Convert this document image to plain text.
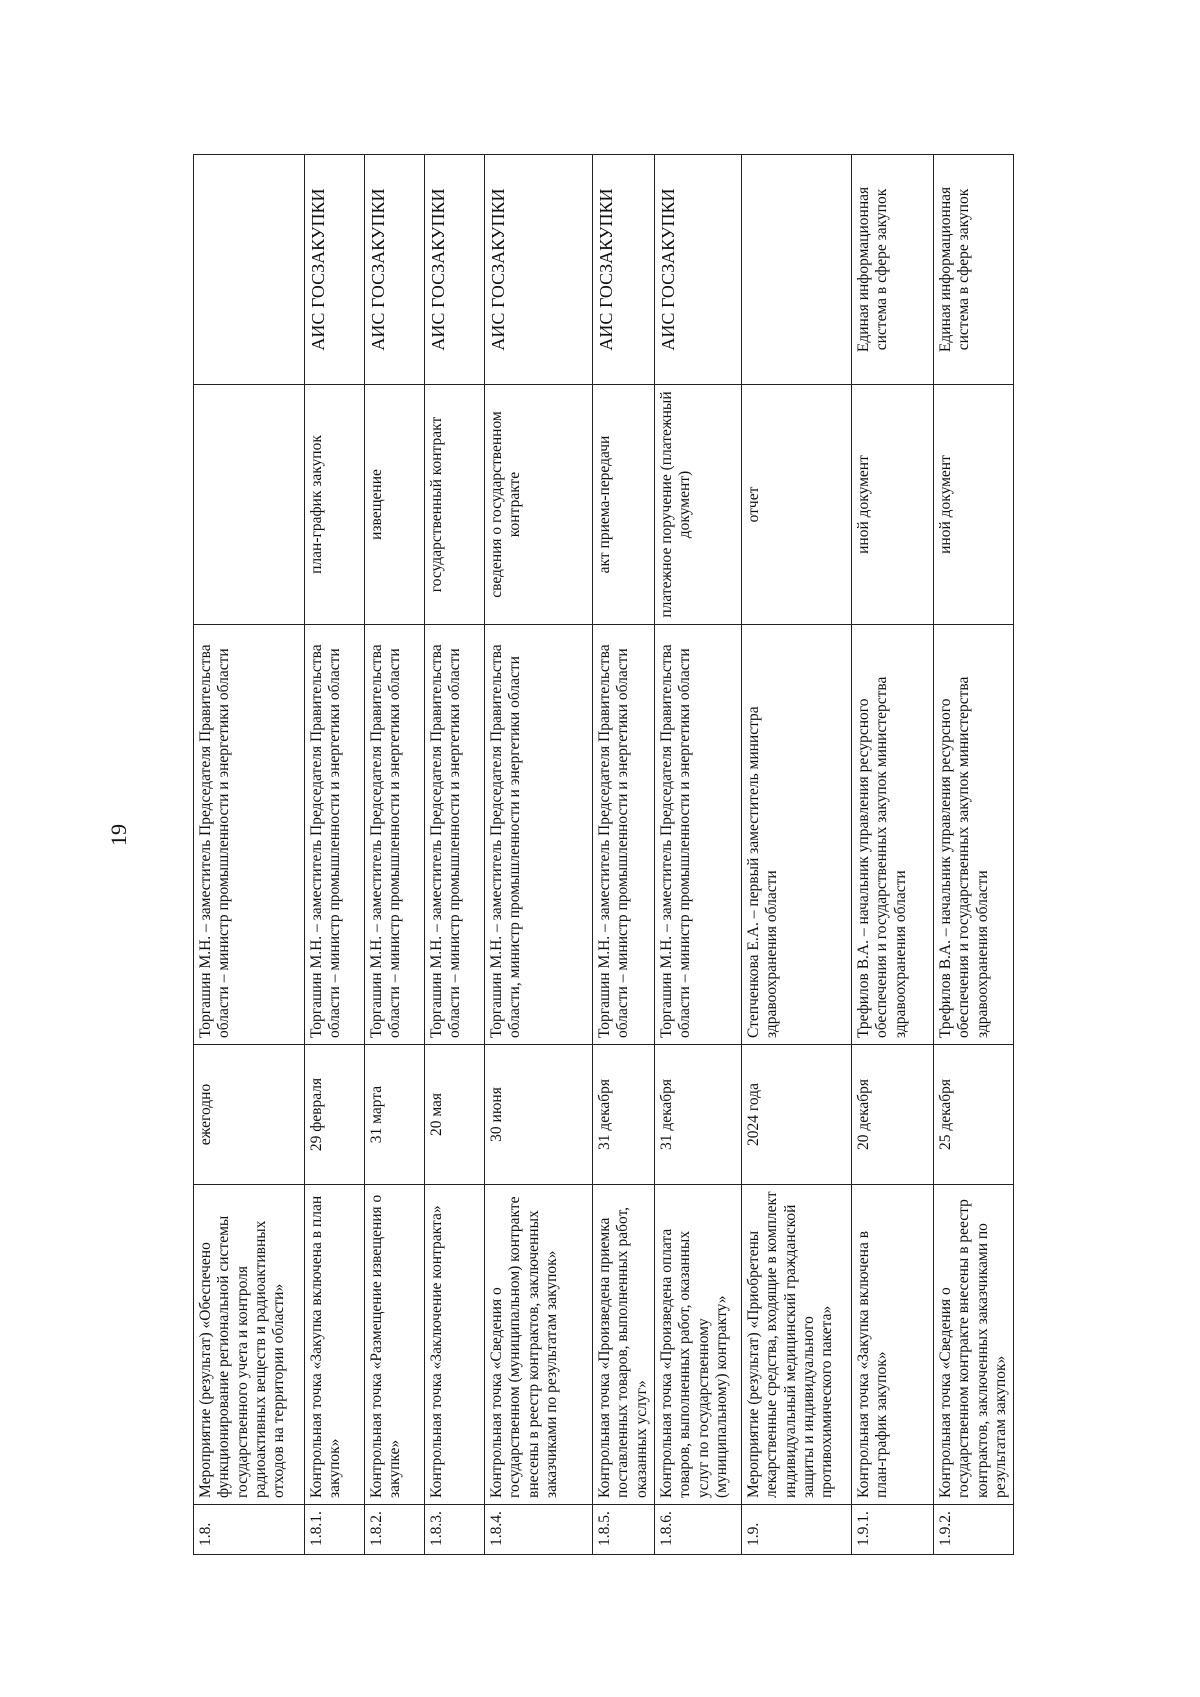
19
1.8.	Мероприятие (результат) «Обеспечено функционирование региональной системы государственного учета и контроля радиоактивных веществ и радиоактивных отходов на территории области»	ежегодно	Торгашин М.Н. – заместитель Председателя Правительства области – министр промышленности и энергетики области		
1.8.1.	Контрольная точка «Закупка включена в план закупок»	29 февраля	Торгашин М.Н. – заместитель Председателя Правительства области – министр промышленности и энергетики области	план-график закупок	АИС ГОСЗАКУПКИ
1.8.2.	Контрольная точка «Размещение извещения о закупке»	31 марта	Торгашин М.Н. – заместитель Председателя Правительства области – министр промышленности и энергетики области	извещение	АИС ГОСЗАКУПКИ
1.8.3.	Контрольная точка «Заключение контракта»	20 мая	Торгашин М.Н. – заместитель Председателя Правительства области – министр промышленности и энергетики области	государственный контракт	АИС ГОСЗАКУПКИ
1.8.4.	Контрольная точка «Сведения о государственном (муниципальном) контракте внесены в реестр контрактов, заключенных заказчиками по результатам закупок»	30 июня	Торгашин М.Н. – заместитель Председателя Правительства области, министр промышленности и энергетики области	сведения о государственном контракте	АИС ГОСЗАКУПКИ
1.8.5.	Контрольная точка «Произведена приемка поставленных товаров, выполненных работ, оказанных услуг»	31 декабря	Торгашин М.Н. – заместитель Председателя Правительства области – министр промышленности и энергетики области	акт приема-передачи	АИС ГОСЗАКУПКИ
1.8.6.	Контрольная точка «Произведена оплата товаров, выполненных работ, оказанных услуг по государственному (муниципальному) контракту»	31 декабря	Торгашин М.Н. – заместитель Председателя Правительства области – министр промышленности и энергетики области	платежное поручение (платежный документ)	АИС ГОСЗАКУПКИ
1.9.	Мероприятие (результат) «Приобретены лекарственные средства, входящие в комплект индивидуальный медицинский гражданской защиты и индивидуального противохимического пакета»	2024 года	Степченкова Е.А. – первый заместитель министра здравоохранения области	отчет	
1.9.1.	Контрольная точка «Закупка включена в план-график закупок»	20 декабря	Трефилов В.А. – начальник управления ресурсного обеспечения и государственных закупок министерства здравоохранения области	иной документ	Единая информационная система в сфере закупок
1.9.2.	Контрольная точка «Сведения о государственном контракте внесены в реестр контрактов, заключенных заказчиками по результатам закупок»	25 декабря	Трефилов В.А. – начальник управления ресурсного обеспечения и государственных закупок министерства здравоохранения области	иной документ	Единая информационная система в сфере закупок
